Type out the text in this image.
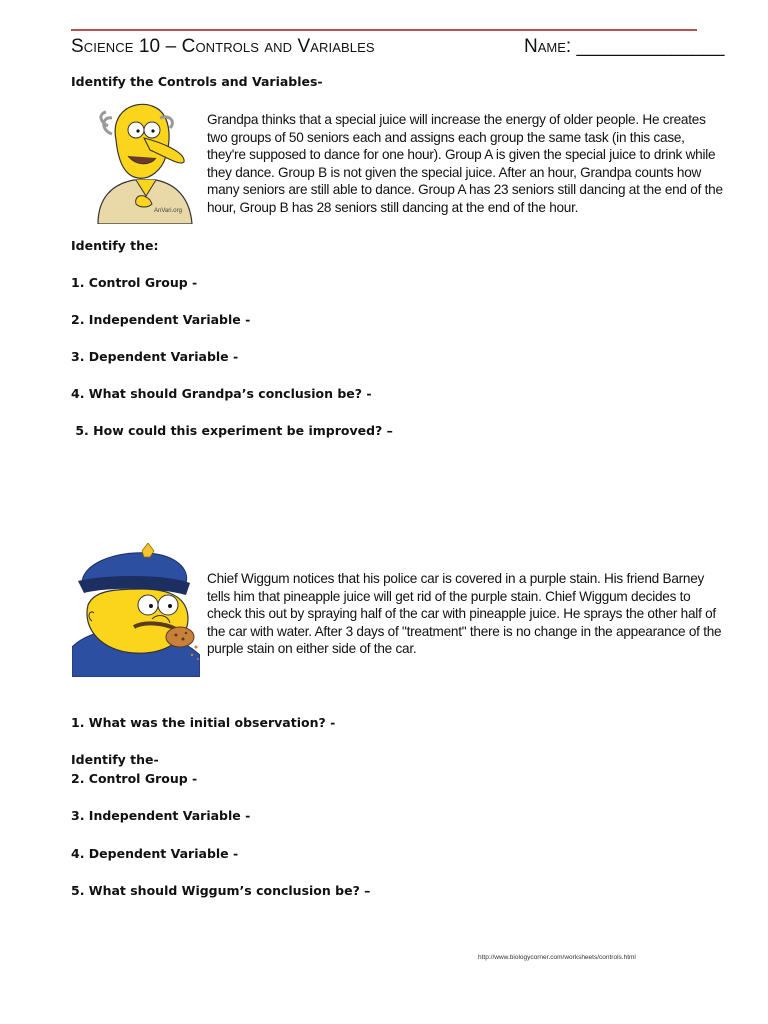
Science 10 – Controls and Variables	Name: ______________
Identify the Controls and Variables-
AnVari.org
Grandpa thinks that a special juice will increase the energy of older people. He creates
two groups of 50 seniors each and assigns each group the same task (in this case,
they're supposed to dance for one hour). Group A is given the special juice to drink while
they dance. Group B is not given the special juice. After an hour, Grandpa counts how
many seniors are still able to dance. Group A has 23 seniors still dancing at the end of the
hour, Group B has 28 seniors still dancing at the end of the hour.
Identify the:
1. Control Group -
2. Independent Variable -
3. Dependent Variable -
4. What should Grandpa’s conclusion be? -
5. How could this experiment be improved? –
Chief Wiggum notices that his police car is covered in a purple stain. His friend Barney
tells him that pineapple juice will get rid of the purple stain. Chief Wiggum decides to
check this out by spraying half of the car with pineapple juice. He sprays the other half of
the car with water. After 3 days of "treatment" there is no change in the appearance of the
purple stain on either side of the car.
1. What was the initial observation? -
Identify the-
2. Control Group -
3. Independent Variable -
4. Dependent Variable -
5. What should Wiggum’s conclusion be? –
http://www.biologycorner.com/worksheets/controls.html
